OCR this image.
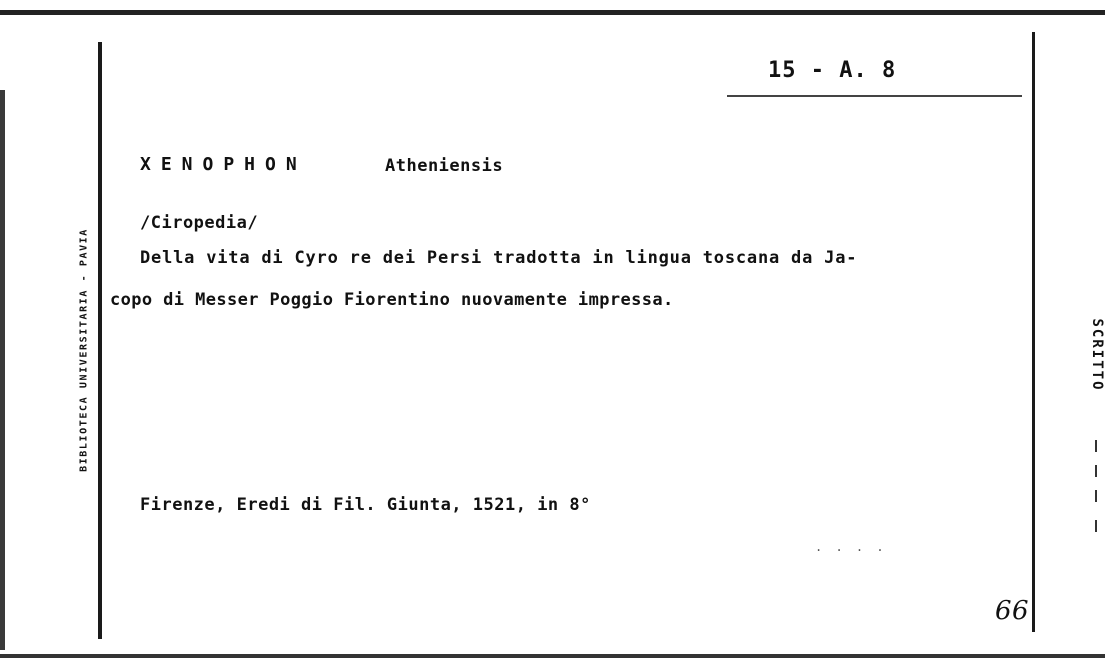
15 - A. 8
XENOPHON	Atheniensis
/Ciropedia/
Della vita di Cyro re dei Persi tradotta in lingua toscana da Ja-
copo di Messer Poggio Fiorentino nuovamente impressa.
Firenze, Eredi di Fil. Giunta, 1521, in 8°
. . . .
66
BIBLIOTECA UNIVERSITARIA - PAVIA	SCRITTO
